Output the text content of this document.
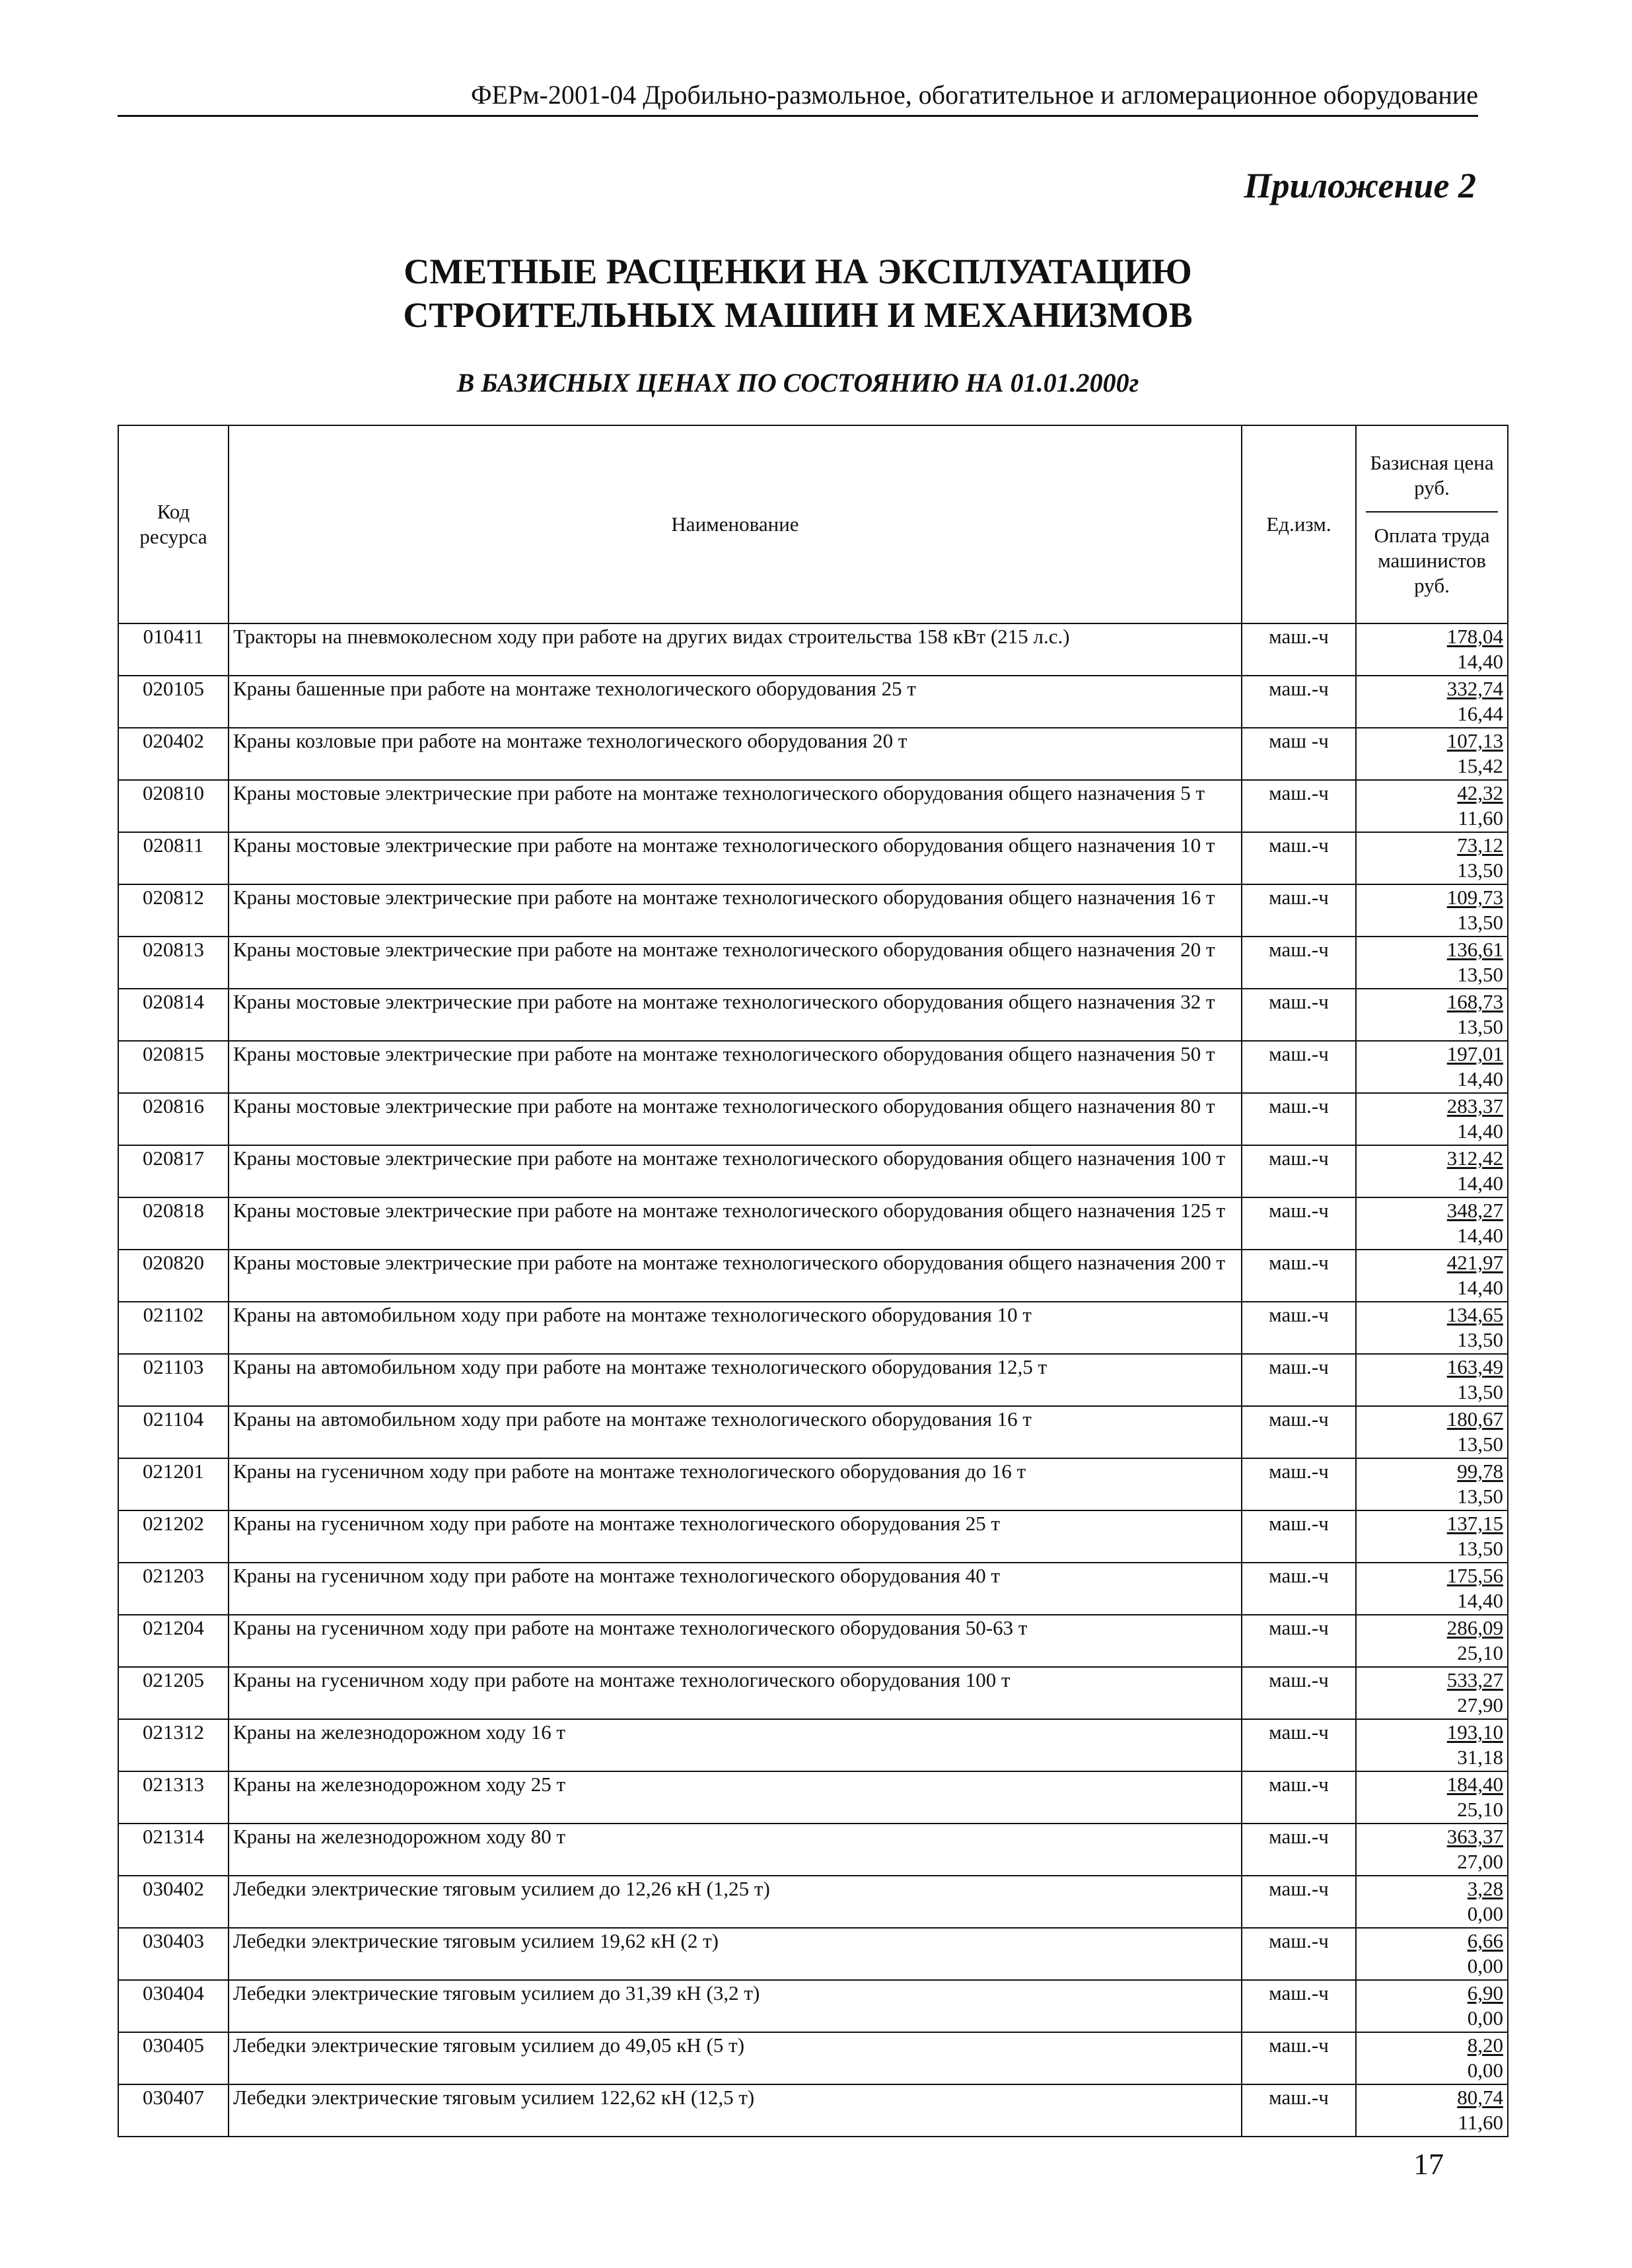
ФЕРм-2001-04 Дробильно-размольное, обогатительное и агломерационное оборудование
Приложение 2
СМЕТНЫЕ РАСЦЕНКИ НА ЭКСПЛУАТАЦИЮ
СТРОИТЕЛЬНЫХ МАШИН И МЕХАНИЗМОВ
В БАЗИСНЫХ ЦЕНАХ ПО СОСТОЯНИЮ НА 01.01.2000г
Код ресурса	Наименование	Ед.изм.	Базисная цена руб.
Оплата труда машинистов руб.

010411	Тракторы на пневмоколесном ходу при работе на других видах строительства 158 кВт (215 л.с.)	маш.-ч	178,04
14,40

020105	Краны башенные при работе на монтаже технологического оборудования 25 т	маш.-ч	332,74
16,44

020402	Краны козловые при работе на монтаже технологического оборудования 20 т	маш -ч	107,13
15,42

020810	Краны мостовые электрические при работе на монтаже технологического оборудования общего назначения 5 т	маш.-ч	42,32
11,60

020811	Краны мостовые электрические при работе на монтаже технологического оборудования общего назначения 10 т	маш.-ч	73,12
13,50

020812	Краны мостовые электрические при работе на монтаже технологического оборудования общего назначения 16 т	маш.-ч	109,73
13,50

020813	Краны мостовые электрические при работе на монтаже технологического оборудования общего назначения 20 т	маш.-ч	136,61
13,50

020814	Краны мостовые электрические при работе на монтаже технологического оборудования общего назначения 32 т	маш.-ч	168,73
13,50

020815	Краны мостовые электрические при работе на монтаже технологического оборудования общего назначения 50 т	маш.-ч	197,01
14,40

020816	Краны мостовые электрические при работе на монтаже технологического оборудования общего назначения 80 т	маш.-ч	283,37
14,40

020817	Краны мостовые электрические при работе на монтаже технологического оборудования общего назначения 100 т	маш.-ч	312,42
14,40

020818	Краны мостовые электрические при работе на монтаже технологического оборудования общего назначения 125 т	маш.-ч	348,27
14,40

020820	Краны мостовые электрические при работе на монтаже технологического оборудования общего назначения 200 т	маш.-ч	421,97
14,40

021102	Краны на автомобильном ходу при работе на монтаже технологического оборудования 10 т	маш.-ч	134,65
13,50

021103	Краны на автомобильном ходу при работе на монтаже технологического оборудования 12,5 т	маш.-ч	163,49
13,50

021104	Краны на автомобильном ходу при работе на монтаже технологического оборудования 16 т	маш.-ч	180,67
13,50

021201	Краны на гусеничном ходу при работе на монтаже технологического оборудования до 16 т	маш.-ч	99,78
13,50

021202	Краны на гусеничном ходу при работе на монтаже технологического оборудования 25 т	маш.-ч	137,15
13,50

021203	Краны на гусеничном ходу при работе на монтаже технологического оборудования 40 т	маш.-ч	175,56
14,40

021204	Краны на гусеничном ходу при работе на монтаже технологического оборудования 50-63 т	маш.-ч	286,09
25,10

021205	Краны на гусеничном ходу при работе на монтаже технологического оборудования 100 т	маш.-ч	533,27
27,90

021312	Краны на железнодорожном ходу 16 т	маш.-ч	193,10
31,18

021313	Краны на железнодорожном ходу 25 т	маш.-ч	184,40
25,10

021314	Краны на железнодорожном ходу 80 т	маш.-ч	363,37
27,00

030402	Лебедки электрические тяговым усилием до 12,26 кН (1,25 т)	маш.-ч	3,28
0,00

030403	Лебедки электрические тяговым усилием 19,62 кН (2 т)	маш.-ч	6,66
0,00

030404	Лебедки электрические тяговым усилием до 31,39 кН (3,2 т)	маш.-ч	6,90
0,00

030405	Лебедки электрические тяговым усилием до 49,05 кН (5 т)	маш.-ч	8,20
0,00

030407	Лебедки электрические тяговым усилием 122,62 кН (12,5 т)	маш.-ч	80,74
11,60
17
